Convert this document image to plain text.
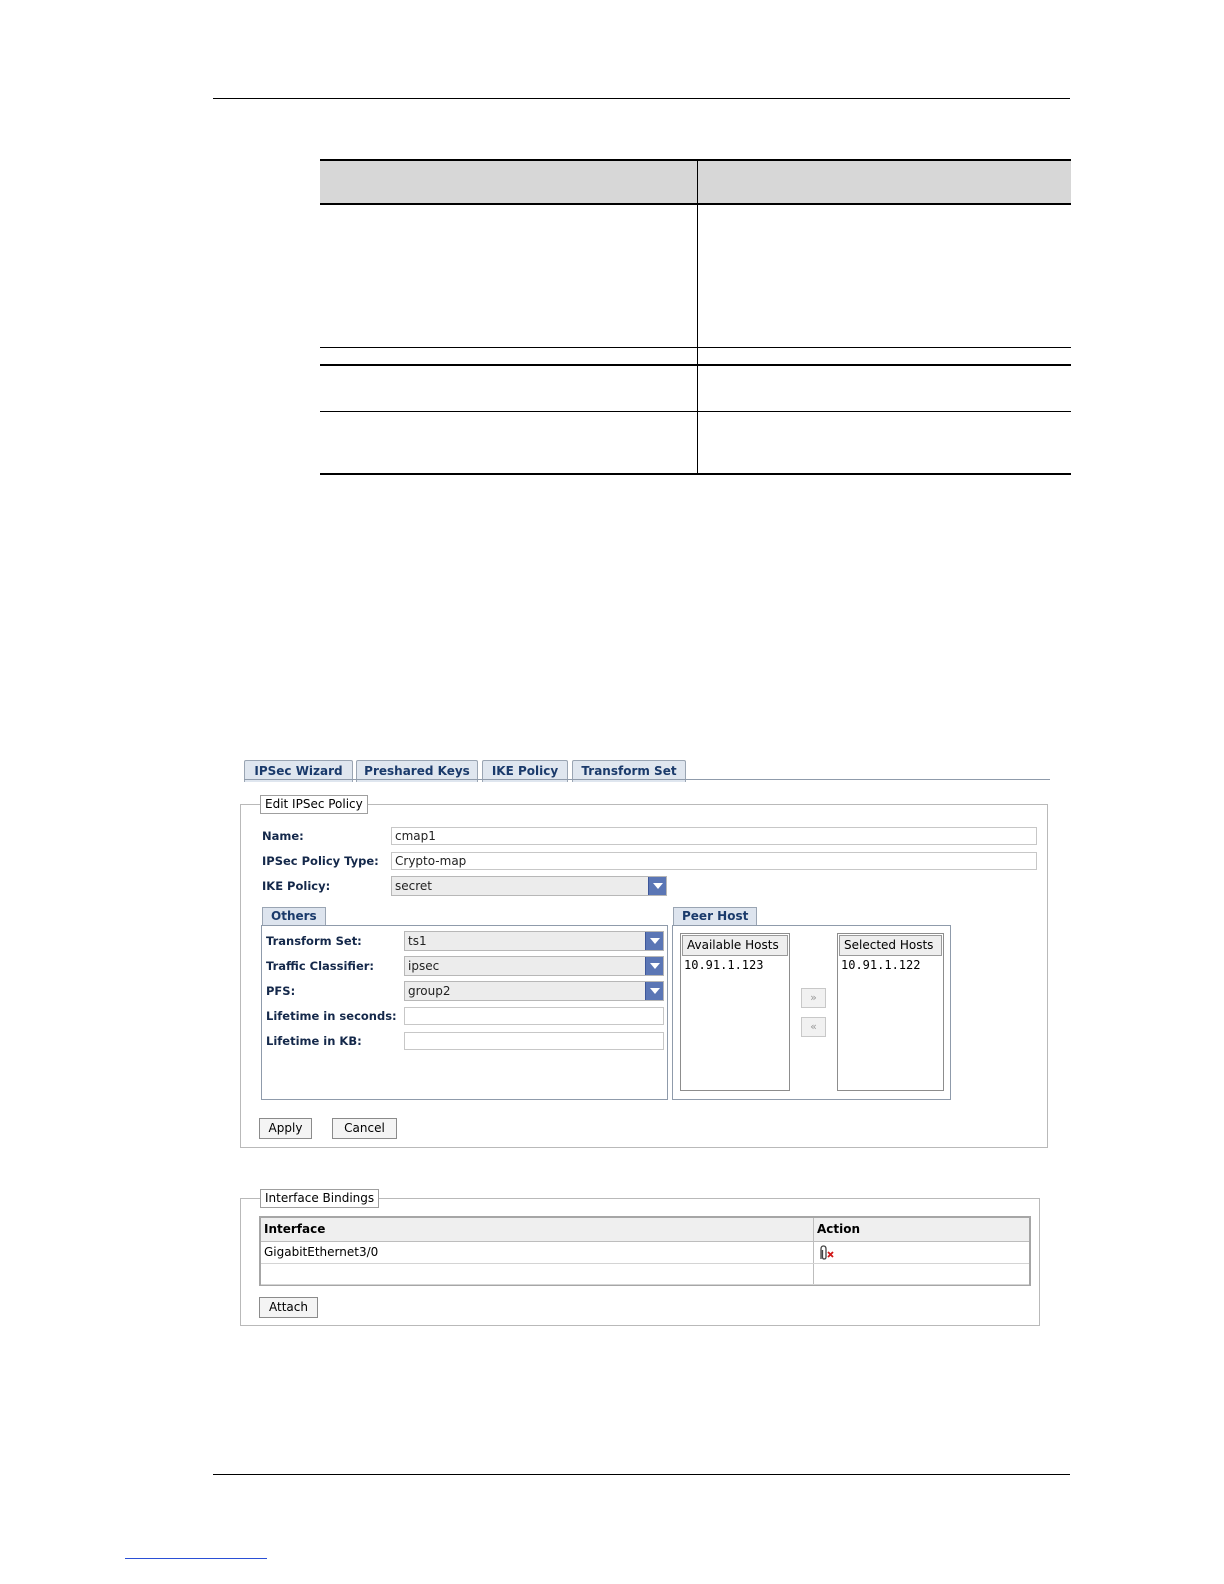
IPSec Wizard	Preshared Keys	IKE Policy	Transform Set
Edit IPSec Policy
Name:	cmap1
IPSec Policy Type:	Crypto-map
IKE Policy:	secret
Others
Transform Set:	ts1
Traffic Classifier:	ipsec
PFS:	group2
Lifetime in seconds:
Lifetime in KB:
Peer Host
Available Hosts
10.91.1.123
»
«
Selected Hosts
10.91.1.122
Apply	Cancel
Interface Bindings
Interface	Action
GigabitEthernet3/0
Attach
